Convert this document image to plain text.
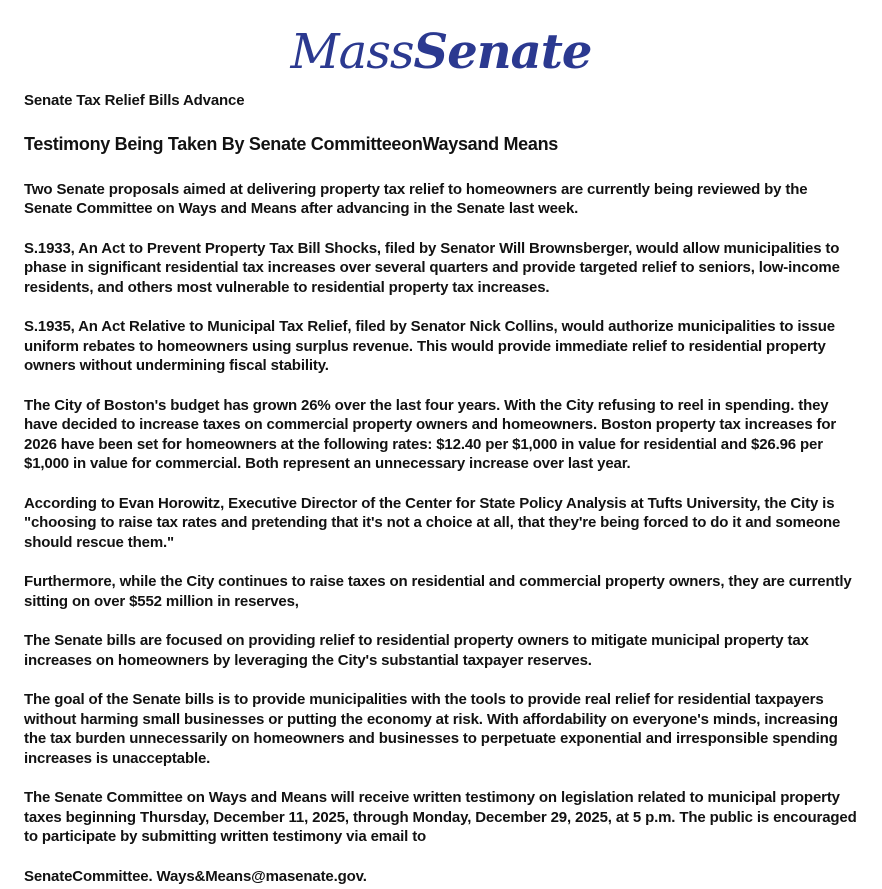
MassSenate

Senate Tax Relief Bills Advance

Testimony Being Taken By Senate CommitteeonWaysand Means

Two Senate proposals aimed at delivering property tax relief to homeowners are currently being reviewed by the Senate Committee on Ways and Means after advancing in the Senate last week.

S.1933, An Act to Prevent Property Tax Bill Shocks, filed by Senator Will Brownsberger, would allow municipalities to phase in significant residential tax increases over several quarters and provide targeted relief to seniors, low-income residents, and others most vulnerable to residential property tax increases.

S.1935, An Act Relative to Municipal Tax Relief, filed by Senator Nick Collins, would authorize municipalities to issue uniform rebates to homeowners using surplus revenue. This would provide immediate relief to residential property owners without undermining fiscal stability.

The City of Boston's budget has grown 26% over the last four years. With the City refusing to reel in spending. they have decided to increase taxes on commercial property owners and homeowners. Boston property tax increases for 2026 have been set for homeowners at the following rates: $12.40 per $1,000 in value for residential and $26.96 per $1,000 in value for commercial. Both represent an unnecessary increase over last year.

According to Evan Horowitz, Executive Director of the Center for State Policy Analysis at Tufts University, the City is "choosing to raise tax rates and pretending that it's not a choice at all, that they're being forced to do it and someone should rescue them."

Furthermore, while the City continues to raise taxes on residential and commercial property owners, they are currently sitting on over $552 million in reserves,

The Senate bills are focused on providing relief to residential property owners to mitigate municipal property tax increases on homeowners by leveraging the City's substantial taxpayer reserves.

The goal of the Senate bills is to provide municipalities with the tools to provide real relief for residential taxpayers without harming small businesses or putting the economy at risk. With affordability on everyone's minds, increasing the tax burden unnecessarily on homeowners and businesses to perpetuate exponential and irresponsible spending increases is unacceptable.

The Senate Committee on Ways and Means will receive written testimony on legislation related to municipal property taxes beginning Thursday, December 11, 2025, through Monday, December 29, 2025, at 5 p.m. The public is encouraged to participate by submitting written testimony via email to

SenateCommittee. Ways&Means@masenate.gov.
